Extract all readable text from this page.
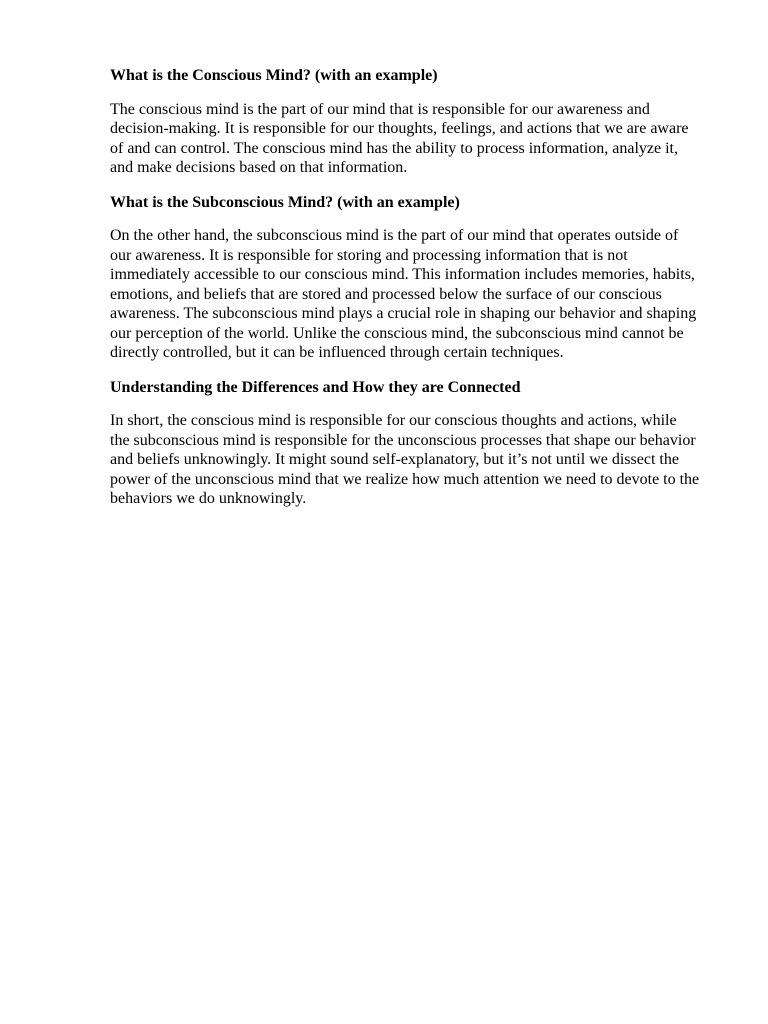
What is the Conscious Mind? (with an example)
The conscious mind is the part of our mind that is responsible for our awareness and decision-making. It is responsible for our thoughts, feelings, and actions that we are aware of and can control. The conscious mind has the ability to process information, analyze it, and make decisions based on that information.
What is the Subconscious Mind? (with an example)
On the other hand, the subconscious mind is the part of our mind that operates outside of our awareness. It is responsible for storing and processing information that is not immediately accessible to our conscious mind. This information includes memories, habits, emotions, and beliefs that are stored and processed below the surface of our conscious awareness. The subconscious mind plays a crucial role in shaping our behavior and shaping our perception of the world. Unlike the conscious mind, the subconscious mind cannot be directly controlled, but it can be influenced through certain techniques.
Understanding the Differences and How they are Connected
In short, the conscious mind is responsible for our conscious thoughts and actions, while the subconscious mind is responsible for the unconscious processes that shape our behavior and beliefs unknowingly. It might sound self-explanatory, but it’s not until we dissect the power of the unconscious mind that we realize how much attention we need to devote to the behaviors we do unknowingly.
